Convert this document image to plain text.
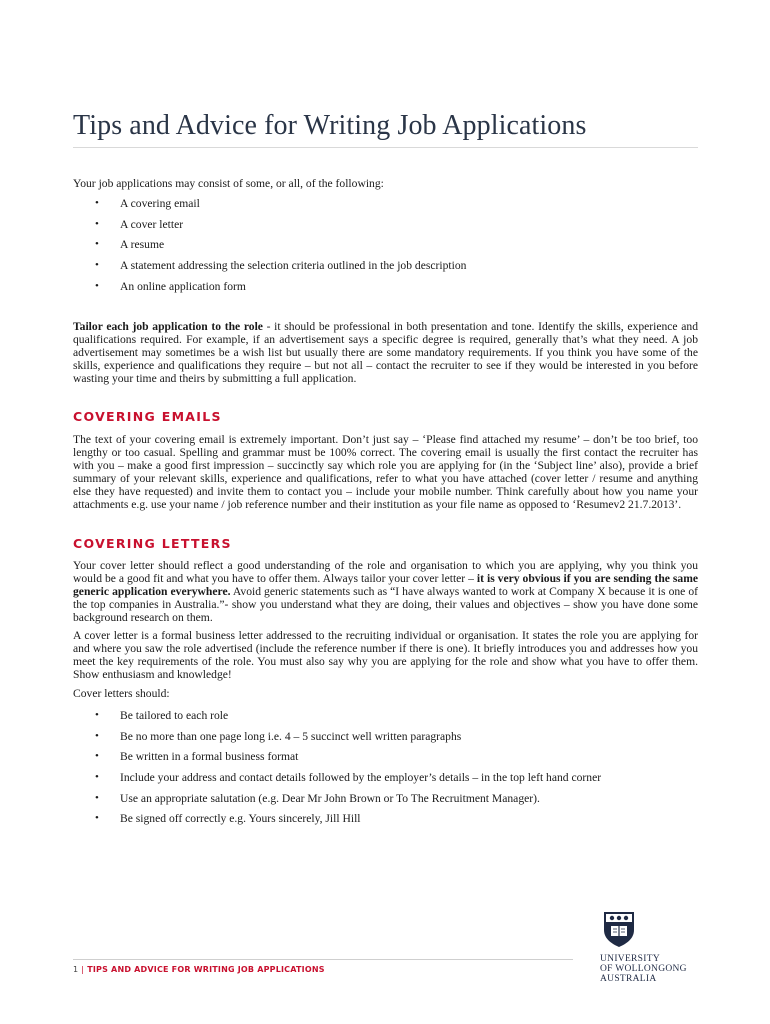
Tips and Advice for Writing Job Applications

Your job applications may consist of some, or all, of the following:

• A covering email
• A cover letter
• A resume
• A statement addressing the selection criteria outlined in the job description
• An online application form

Tailor each job application to the role - it should be professional in both presentation and tone. Identify the skills, experience and qualifications required. For example, if an advertisement says a specific degree is required, generally that’s what they need. A job advertisement may sometimes be a wish list but usually there are some mandatory requirements. If you think you have some of the skills, experience and qualifications they require – but not all – contact the recruiter to see if they would be interested in you before wasting your time and theirs by submitting a full application.

COVERING EMAILS

The text of your covering email is extremely important. Don’t just say – ‘Please find attached my resume’ – don’t be too brief, too lengthy or too casual. Spelling and grammar must be 100% correct. The covering email is usually the first contact the recruiter has with you – make a good first impression – succinctly say which role you are applying for (in the ‘Subject line’ also), provide a brief summary of your relevant skills, experience and qualifications, refer to what you have attached (cover letter / resume and anything else they have requested) and invite them to contact you – include your mobile number. Think carefully about how you name your attachments e.g. use your name / job reference number and their institution as your file name as opposed to ‘Resumev2 21.7.2013’.

COVERING LETTERS

Your cover letter should reflect a good understanding of the role and organisation to which you are applying, why you think you would be a good fit and what you have to offer them. Always tailor your cover letter – it is very obvious if you are sending the same generic application everywhere. Avoid generic statements such as “I have always wanted to work at Company X because it is one of the top companies in Australia.”- show you understand what they are doing, their values and objectives – show you have done some background research on them.

A cover letter is a formal business letter addressed to the recruiting individual or organisation. It states the role you are applying for and where you saw the role advertised (include the reference number if there is one). It briefly introduces you and addresses how you meet the key requirements of the role. You must also say why you are applying for the role and show what you have to offer them. Show enthusiasm and knowledge!

Cover letters should:

• Be tailored to each role
• Be no more than one page long i.e. 4 – 5 succinct well written paragraphs
• Be written in a formal business format
• Include your address and contact details followed by the employer’s details – in the top left hand corner
• Use an appropriate salutation (e.g. Dear Mr John Brown or To The Recruitment Manager).
• Be signed off correctly e.g. Yours sincerely, Jill Hill
1 | TIPS AND ADVICE FOR WRITING JOB APPLICATIONS
UNIVERSITY
OF WOLLONGONG
AUSTRALIA
